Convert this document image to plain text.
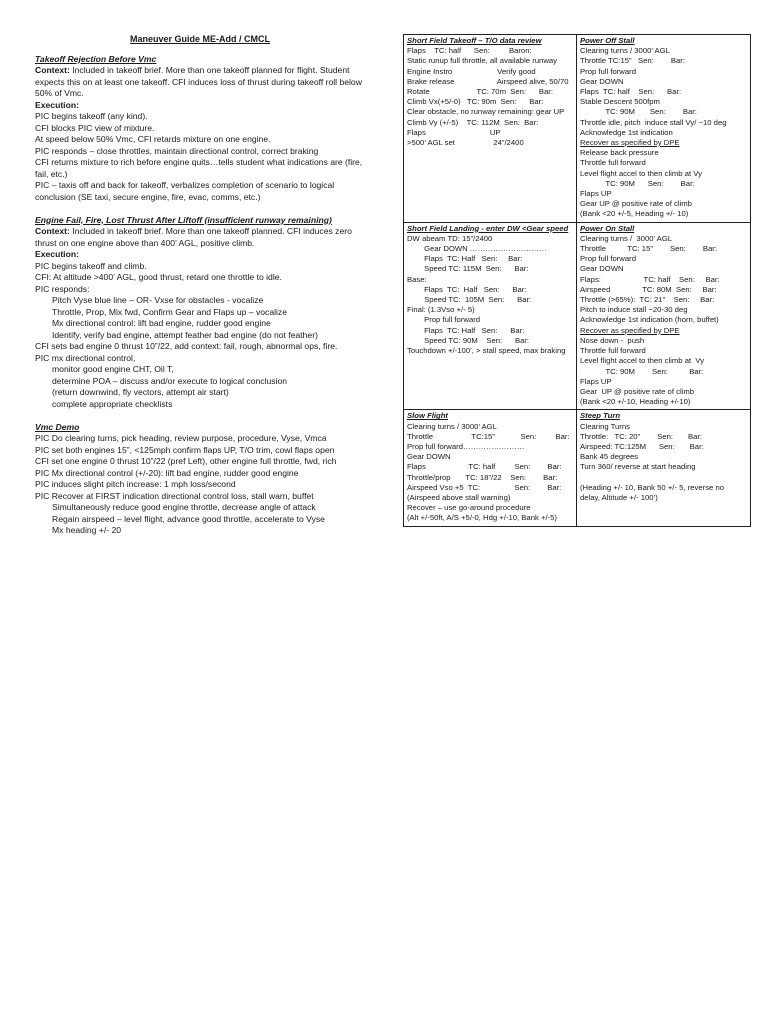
Maneuver Guide ME-Add / CMCL
Takeoff Rejection Before Vmc
Context: Included in takeoff brief. More than one takeoff planned for flight. Student expects this on at least one takeoff. CFI induces loss of thrust during takeoff roll below 50% of Vmc.
Execution:
PIC begins takeoff (any kind).
CFI blocks PIC view of mixture.
At speed below 50% Vmc, CFI retards mixture on one engine.
PIC responds – close throttles, maintain directional control, correct braking
CFI returns mixture to rich before engine quits…tells student what indications are (fire, fail, etc.)
PIC – taxis off and back for takeoff, verbalizes completion of scenario to logical conclusion (SE taxi, secure engine, fire, evac, comms, etc.)
Engine Fail, Fire, Lost Thrust After Liftoff (insufficient runway remaining)
Context: Included in takeoff brief. More than one takeoff planned. CFI induces zero thrust on one engine above than 400’ AGL, positive climb.
Execution:
PIC begins takeoff and climb.
CFI: At altitude >400’ AGL, good thrust, retard one throttle to idle.
PIC responds:
Pitch Vyse blue line – OR- Vxse for obstacles - vocalize
Throttle, Prop, Mix fwd, Confirm Gear and Flaps up – vocalize
Mx directional control: lift bad engine, rudder good engine
Identify, verify bad engine, attempt feather bad engine (do not feather)
CFI sets bad engine 0 thrust 10”/22, add context: fail, rough, abnormal ops, fire.
PIC mx directional control,
monitor good engine CHT, Oil T,
determine POA – discuss and/or execute to logical conclusion
(return downwind, fly vectors, attempt air start)
complete appropriate checklists
Vmc Demo
PIC Do clearing turns, pick heading, review purpose, procedure, Vyse, Vmca
PIC set both engines 15”, <125mph confirm flaps UP, T/O trim, cowl flaps open
CFI set one engine 0 thrust 10”/22 (pref Left), other engine full throttle, fwd, rich
PIC Mx directional control (+/-20): lift bad engine, rudder good engine
PIC induces slight pitch increase: 1 mph loss/second
PIC Recover at FIRST indication directional control loss, stall warn, buffet
Simultaneously reduce good engine throttle, decrease angle of attack
Regain airspeed – level flight, advance good throttle, accelerate to Vyse
Mx heading +/- 20
Short Field Takeoff – T/O data review
Flaps    TC: half      Sen:         Baron:
Static runup full throttle, all available runway
Engine Instro                     Verify good
Brake release                    Airspeed alive, 50/70
Rotate                      TC: 70m  Sen:      Bar:
Climb Vx(+5/-0)   TC: 90m  Sen:      Bar:
Clear obstacle, no runway remaining: gear UP
Climb Vy (+/-5)    TC: 112M  Sen:  Bar:
Flaps                              UP
>500’ AGL set                  24”/2400
Power Off Stall
Clearing turns / 3000’ AGL
Throttle TC:15”   Sen:        Bar:
Prop full forward
Gear DOWN
Flaps  TC: half    Sen:      Bar:
Stable Descent 500fpm
TC: 90M       Sen:        Bar:
Throttle idle, pitch  induce stall Vy/ ~10 deg
Acknowledge 1st indication
Recover as specified by DPE
Release back pressure
Throttle full forward
Level flight accel to then climb at Vy
TC: 90M      Sen:        Bar:
Flaps UP
Gear UP @ positive rate of climb
(Bank <20 +/-5, Heading +/- 10)
Short Field Landing - enter DW <Gear speed
DW abeam TD: 15”/2400
Gear DOWN …………………………
Flaps  TC: Half   Sen:     Bar:
Speed TC: 115M  Sen:      Bar:
Base:
Flaps  TC:  Half   Sen:      Bar:
Speed TC:  105M  Sen:      Bar:
Final: (1.3Vso +/- 5)
Prop full forward
Flaps  TC: Half   Sen:      Bar:
Speed TC: 90M    Sen:      Bar:
Touchdown +/-100’, > stall speed, max braking
Power On Stall
Clearing turns /  3000’ AGL
Throttle          TC: 15”        Sen:        Bar:
Prop full forward
Gear DOWN
Flaps:                    TC: half    Sen:     Bar:
Airspeed               TC: 80M  Sen:     Bar:
Throttle (>65%):  TC: 21”    Sen:     Bar:
Pitch to induce stall ~20-30 deg
Acknowledge 1st indication (horn, buffet)
Recover as specified by DPE
Nose down -  push
Throttle full forward
Level flight accel to then climb at  Vy
TC: 90M        Sen:          Bar:
Flaps UP
Gear  UP @ positive rate of climb
(Bank <20 +/-10, Heading +/-10)
Slow Flight
Clearing turns / 3000’ AGL
Throttle                  TC:15”            Sen:         Bar:
Prop full forward……………………
Gear DOWN
Flaps                    TC: half         Sen:        Bar:
Throttle/prop       TC: 18”/22    Sen:        Bar:
Airspeed Vso +5  TC:                Sen:        Bar:
(Airspeed above stall warning)
Recover – use go-around procedure
(Alt +/-50ft, A/S +5/-0, Hdg +/-10, Bank +/-5)
Steep Turn
Clearing Turns
Throttle:   TC: 20”        Sen:       Bar:
Airspeed: TC:125M      Sen:       Bar:
Bank 45 degrees
Turn 360/ reverse at start heading

(Heading +/- 10, Bank 50 +/- 5, reverse no
delay, Altitude +/- 100’)
